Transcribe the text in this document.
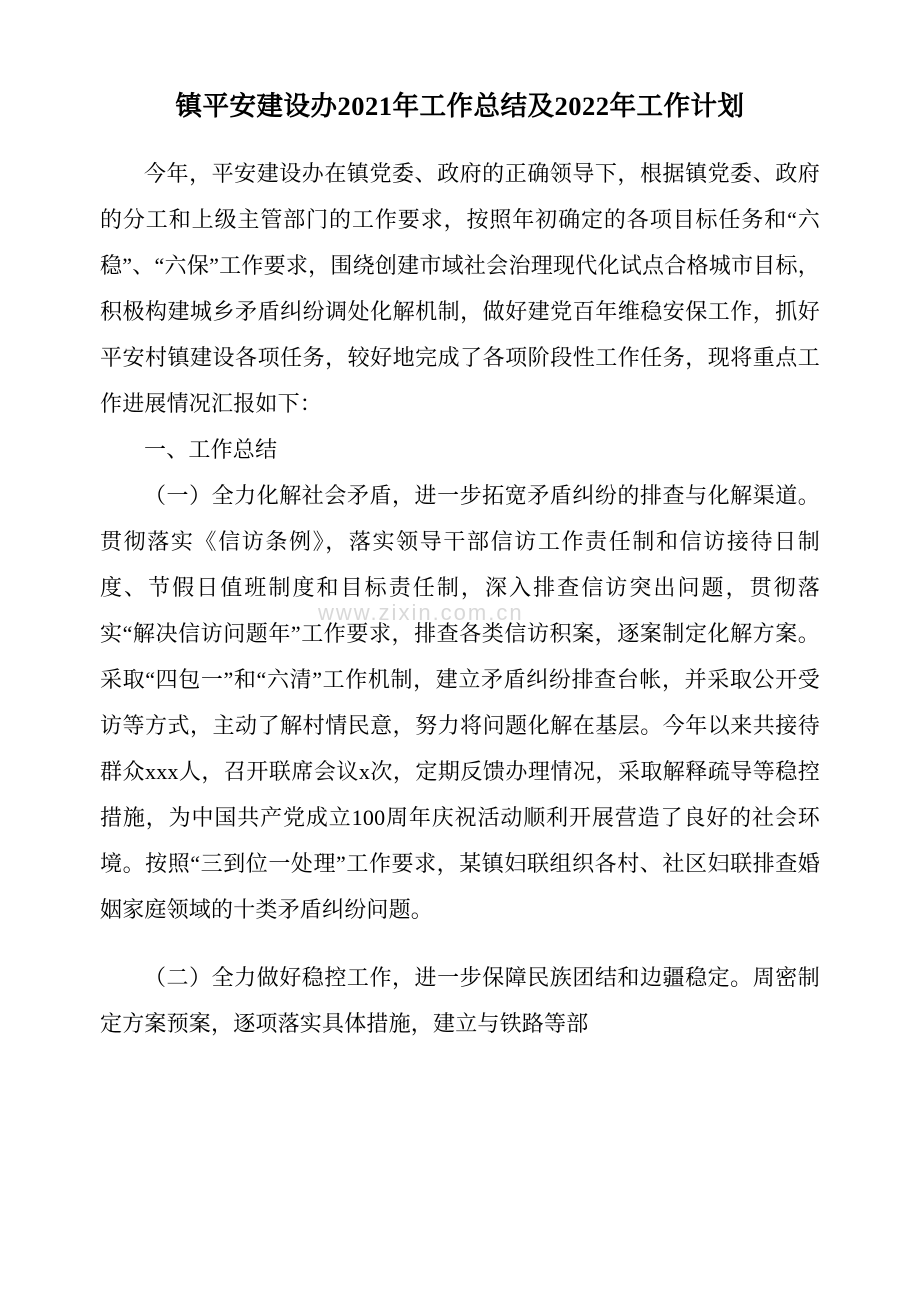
镇平安建设办2021年工作总结及2022年工作计划

今年，平安建设办在镇党委、政府的正确领导下，根据镇党委、政府的分工和上级主管部门的工作要求，按照年初确定的各项目标任务和“六稳”、“六保”工作要求，围绕创建市域社会治理现代化试点合格城市目标，积极构建城乡矛盾纠纷调处化解机制，做好建党百年维稳安保工作，抓好平安村镇建设各项任务，较好地完成了各项阶段性工作任务，现将重点工作进展情况汇报如下：

一、工作总结

（一）全力化解社会矛盾，进一步拓宽矛盾纠纷的排查与化解渠道。贯彻落实《信访条例》，落实领导干部信访工作责任制和信访接待日制度、节假日值班制度和目标责任制，深入排查信访突出问题，贯彻落实“解决信访问题年”工作要求，排查各类信访积案，逐案制定化解方案。采取“四包一”和“六清”工作机制，建立矛盾纠纷排查台帐，并采取公开受访等方式，主动了解村情民意，努力将问题化解在基层。今年以来共接待群众xxx人，召开联席会议x次，定期反馈办理情况，采取解释疏导等稳控措施，为中国共产党成立100周年庆祝活动顺利开展营造了良好的社会环境。按照“三到位一处理”工作要求，某镇妇联组织各村、社区妇联排查婚姻家庭领域的十类矛盾纠纷问题。

（二）全力做好稳控工作，进一步保障民族团结和边疆稳定。周密制定方案预案，逐项落实具体措施，建立与铁路等部

www.zixin.com.cn
